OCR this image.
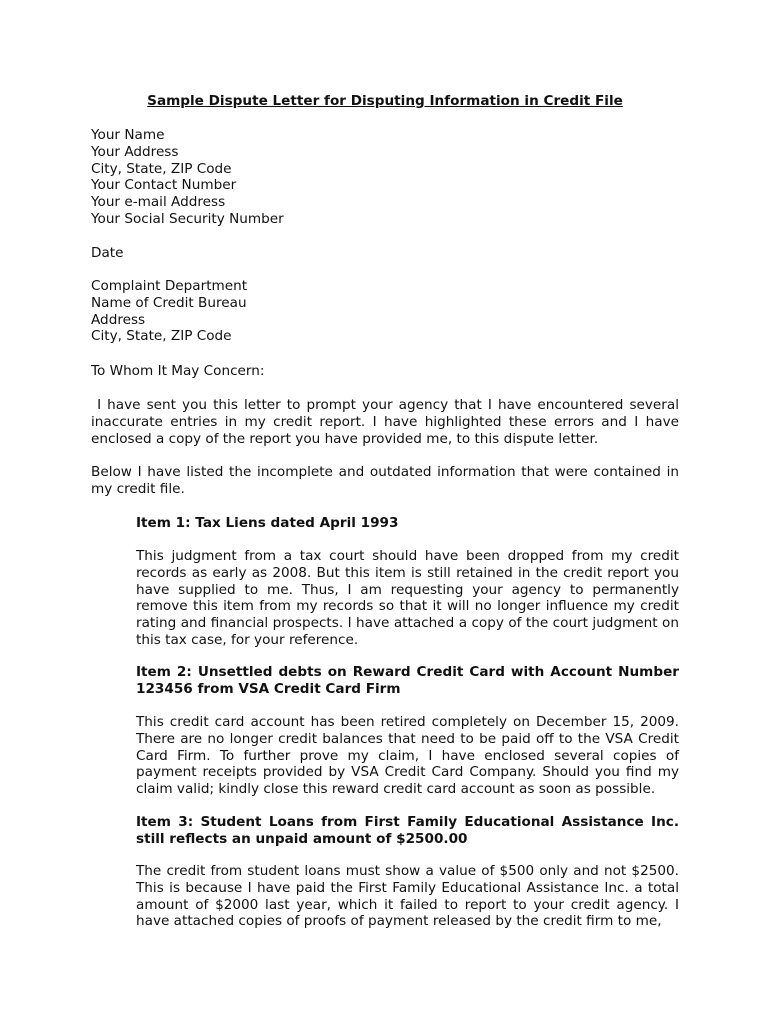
Sample Dispute Letter for Disputing Information in Credit File
Your Name
Your Address
City, State, ZIP Code
Your Contact Number
Your e-mail Address
Your Social Security Number
Date
Complaint Department
Name of Credit Bureau
Address
City, State, ZIP Code
To Whom It May Concern:
I have sent you this letter to prompt your agency that I have encountered several inaccurate entries in my credit report. I have highlighted these errors and I have enclosed a copy of the report you have provided me, to this dispute letter.
Below I have listed the incomplete and outdated information that were contained in my credit file.
Item 1: Tax Liens dated April 1993
This judgment from a tax court should have been dropped from my credit records as early as 2008. But this item is still retained in the credit report you have supplied to me. Thus, I am requesting your agency to permanently remove this item from my records so that it will no longer influence my credit rating and financial prospects. I have attached a copy of the court judgment on this tax case, for your reference.
Item 2: Unsettled debts on Reward Credit Card with Account Number 123456 from VSA Credit Card Firm
This credit card account has been retired completely on December 15, 2009. There are no longer credit balances that need to be paid off to the VSA Credit Card Firm. To further prove my claim, I have enclosed several copies of payment receipts provided by VSA Credit Card Company. Should you find my claim valid; kindly close this reward credit card account as soon as possible.
Item 3: Student Loans from First Family Educational Assistance Inc. still reflects an unpaid amount of $2500.00
The credit from student loans must show a value of $500 only and not $2500. This is because I have paid the First Family Educational Assistance Inc. a total amount of $2000 last year, which it failed to report to your credit agency. I have attached copies of proofs of payment released by the credit firm to me,
